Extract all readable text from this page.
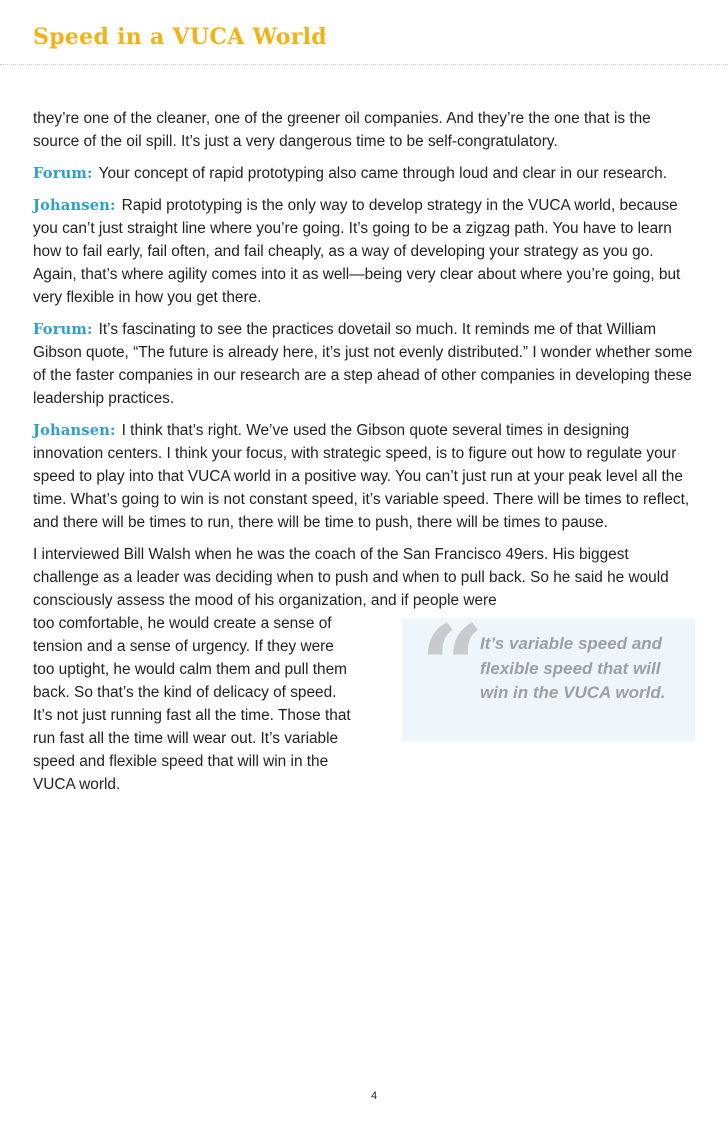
Speed in a VUCA World

they’re one of the cleaner, one of the greener oil companies. And they’re the one that is the source of the oil spill. It’s just a very dangerous time to be self-congratulatory.

Forum: Your concept of rapid prototyping also came through loud and clear in our research.

Johansen: Rapid prototyping is the only way to develop strategy in the VUCA world, because you can’t just straight line where you’re going. It’s going to be a zigzag path. You have to learn how to fail early, fail often, and fail cheaply, as a way of developing your strategy as you go. Again, that’s where agility comes into it as well—being very clear about where you’re going, but very flexible in how you get there.

Forum: It’s fascinating to see the practices dovetail so much. It reminds me of that William Gibson quote, “The future is already here, it’s just not evenly distributed.” I wonder whether some of the faster companies in our research are a step ahead of other companies in developing these leadership practices.

Johansen: I think that’s right. We’ve used the Gibson quote several times in designing innovation centers. I think your focus, with strategic speed, is to figure out how to regulate your speed to play into that VUCA world in a positive way. You can’t just run at your peak level all the time. What’s going to win is not constant speed, it’s variable speed. There will be times to reflect, and there will be times to run, there will be time to push, there will be times to pause.

I interviewed Bill Walsh when he was the coach of the San Francisco 49ers. His biggest challenge as a leader was deciding when to push and when to pull back. So he said he would consciously assess the mood of his organization, and if people were

too comfortable, he would create a sense of
tension and a sense of urgency. If they were
too uptight, he would calm them and pull them
back. So that’s the kind of delicacy of speed.
It’s not just running fast all the time. Those that
run fast all the time will wear out. It’s variable
speed and flexible speed that will win in the
VUCA world.
“
It’s variable speed and flexible speed that will win in the VUCA world.
4
